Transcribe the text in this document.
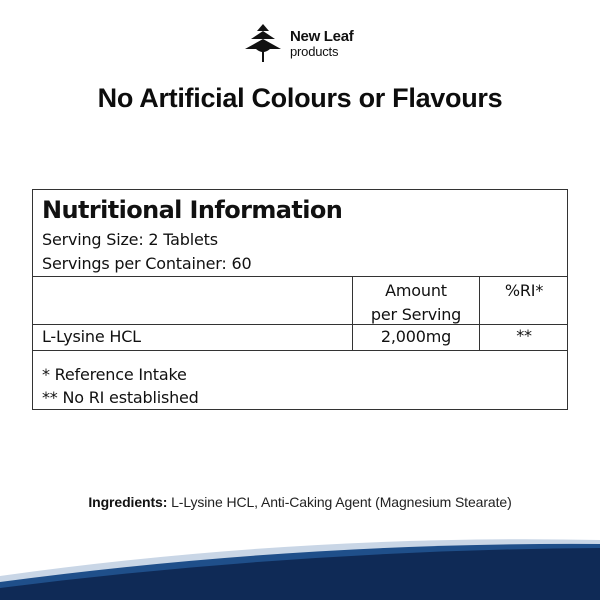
New Leaf
products
No Artificial Colours or Flavours
Nutritional Information
Serving Size: 2 Tablets
Servings per Container: 60
Amount
per Serving
%RI*
L-Lysine HCL	2,000mg	**
* Reference Intake
** No RI established
Ingredients: L-Lysine HCL, Anti-Caking Agent (Magnesium Stearate)
